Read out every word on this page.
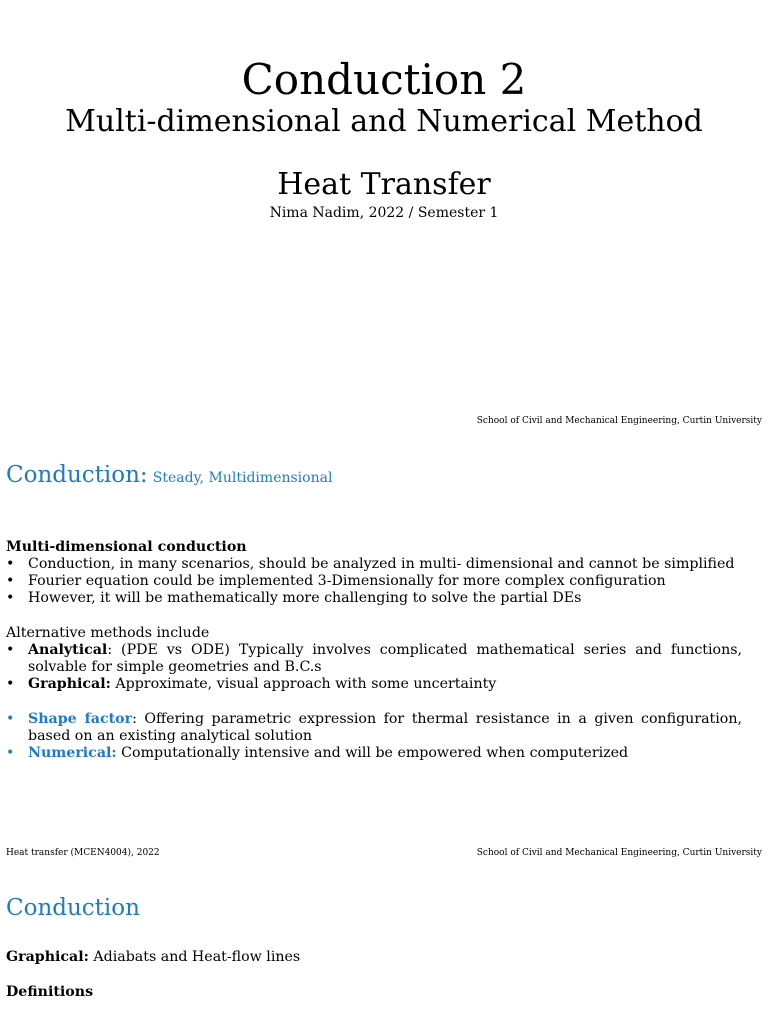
Conduction 2
Multi-dimensional and Numerical Method
Heat Transfer
Nima Nadim, 2022 / Semester 1
School of Civil and Mechanical Engineering, Curtin University
Conduction: Steady, Multidimensional

Multi-dimensional conduction

• Conduction, in many scenarios, should be analyzed in multi- dimensional and cannot be simplified
• Fourier equation could be implemented 3-Dimensionally for more complex configuration
• However, it will be mathematically more challenging to solve the partial DEs

Alternative methods include

• Analytical: (PDE vs ODE) Typically involves complicated mathematical series and functions, solvable for simple geometries and B.C.s
• Graphical: Approximate, visual approach with some uncertainty
• Shape factor: Offering parametric expression for thermal resistance in a given configuration, based on an existing analytical solution
• Numerical: Computationally intensive and will be empowered when computerized
Heat transfer (MCEN4004), 2022	School of Civil and Mechanical Engineering, Curtin University
Conduction

Graphical: Adiabats and Heat-flow lines

Definitions
